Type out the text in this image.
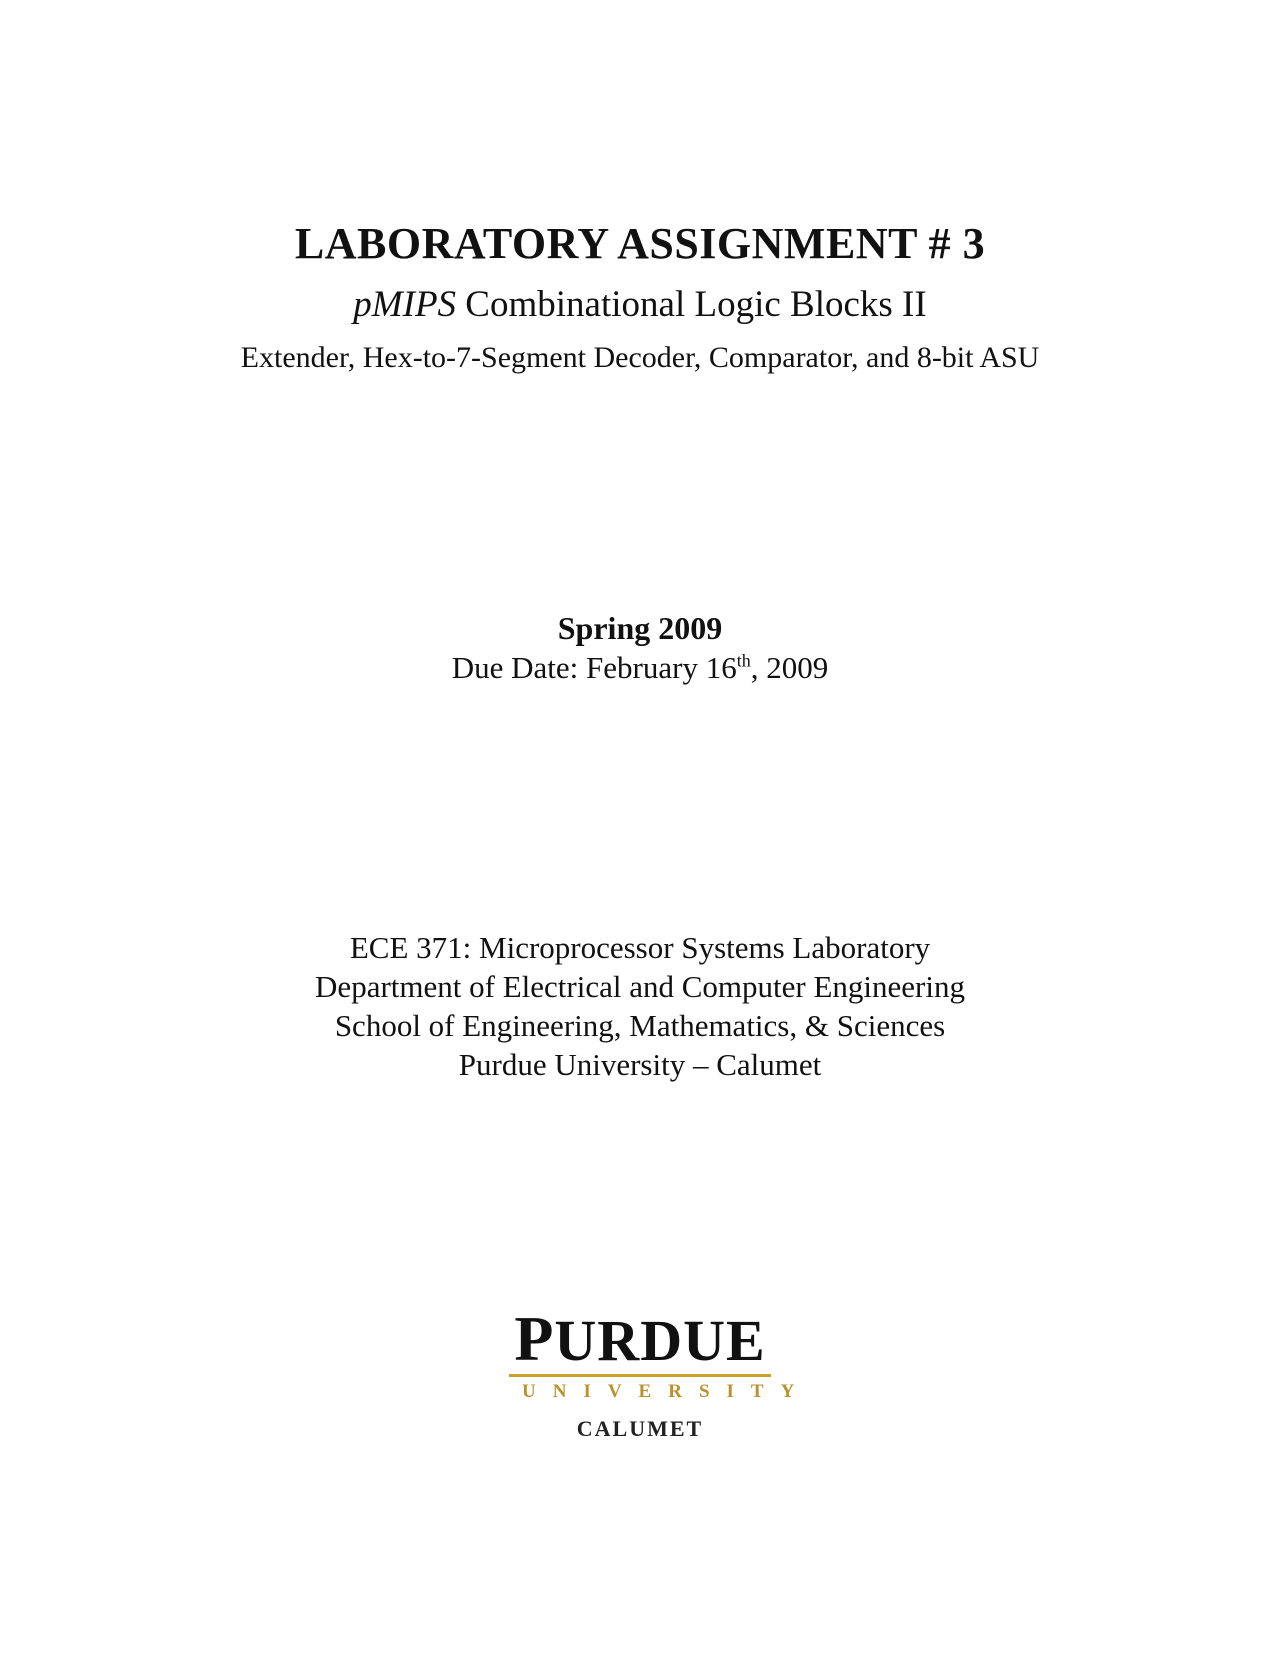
LABORATORY ASSIGNMENT # 3
pMIPS Combinational Logic Blocks II
Extender, Hex-to-7-Segment Decoder, Comparator, and 8-bit ASU
Spring 2009
Due Date: February 16th, 2009
ECE 371: Microprocessor Systems Laboratory
Department of Electrical and Computer Engineering
School of Engineering, Mathematics, & Sciences
Purdue University – Calumet
PURDUE
UNIVERSITY
CALUMET
